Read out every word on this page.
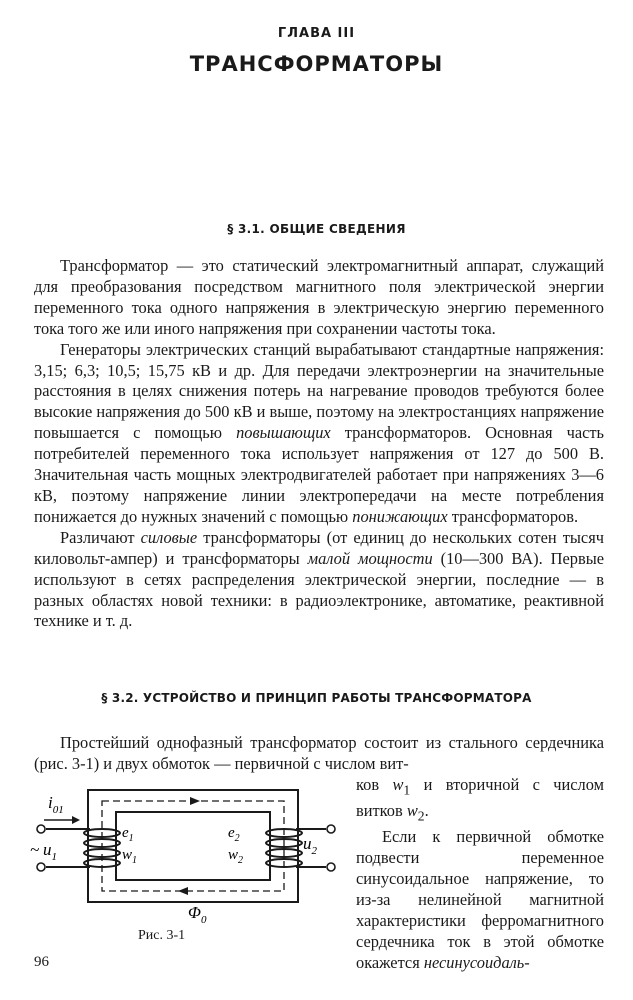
ГЛАВА III
ТРАНСФОРМАТОРЫ
§ 3.1. ОБЩИЕ СВЕДЕНИЯ

Трансформатор — это статический электромагнитный аппарат, служащий для преобразования посредством магнитного поля электрической энергии переменного тока одного напряжения в электрическую энергию переменного тока того же или иного напряжения при сохранении частоты тока.

Генераторы электрических станций вырабатывают стандартные напряжения: 3,15; 6,3; 10,5; 15,75 кВ и др. Для передачи электроэнергии на значительные расстояния в целях снижения потерь на нагревание проводов требуются более высокие напряжения до 500 кВ и выше, поэтому на электростанциях напряжение повышается с помощью повышающих трансформаторов. Основная часть потребителей переменного тока использует напряжения от 127 до 500 В. Значительная часть мощных электродвигателей работает при напряжениях 3—6 кВ, поэтому напряжение линии электропередачи на месте потребления понижается до нужных значений с помощью понижающих трансформаторов.

Различают силовые трансформаторы (от единиц до нескольких сотен тысяч киловольт-ампер) и трансформаторы малой мощности (10—300 ВА). Первые используют в сетях распределения электрической энергии, последние — в разных областях новой техники: в радиоэлектронике, автоматике, реактивной технике и т. д.

§ 3.2. УСТРОЙСТВО И ПРИНЦИП РАБОТЫ ТРАНСФОРМАТОРА

Простейший однофазный трансформатор состоит из стального сердечника (рис. 3-1) и двух обмоток — первичной с числом вит-

ков $w_1$ и вторичной с числом витков $w_2$.

Если к первичной обмотке подвести переменное синусоидальное напряжение, то из-за нелинейной магнитной характеристики ферромагнитного сердечника ток в этой обмотке окажется несинусоидаль-

$i_{01}$
~ $u_1$
$e_1$
$w_1$
$e_2$
$w_2$
$u_2$
$\Phi_0$
Рис. 3-1
96
